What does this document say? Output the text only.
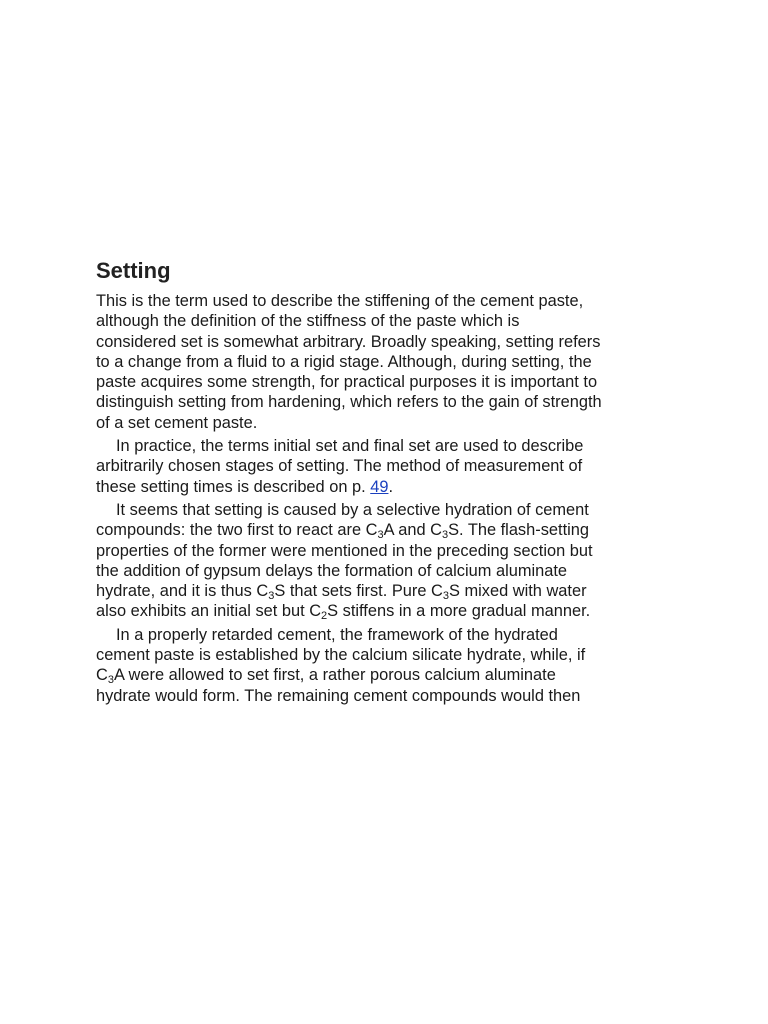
Setting

This is the term used to describe the stiffening of the cement paste,
although the definition of the stiffness of the paste which is
considered set is somewhat arbitrary. Broadly speaking, setting refers
to a change from a fluid to a rigid stage. Although, during setting, the
paste acquires some strength, for practical purposes it is important to
distinguish setting from hardening, which refers to the gain of strength
of a set cement paste.

In practice, the terms initial set and final set are used to describe
arbitrarily chosen stages of setting. The method of measurement of
these setting times is described on p. 49.

It seems that setting is caused by a selective hydration of cement
compounds: the two first to react are $C_3A$ and $C_3S$. The flash-setting
properties of the former were mentioned in the preceding section but
the addition of gypsum delays the formation of calcium aluminate
hydrate, and it is thus $C_3S$ that sets first. Pure $C_3S$ mixed with water
also exhibits an initial set but $C_2S$ stiffens in a more gradual manner.

In a properly retarded cement, the framework of the hydrated
cement paste is established by the calcium silicate hydrate, while, if
$C_3A$ were allowed to set first, a rather porous calcium aluminate
hydrate would form. The remaining cement compounds would then
